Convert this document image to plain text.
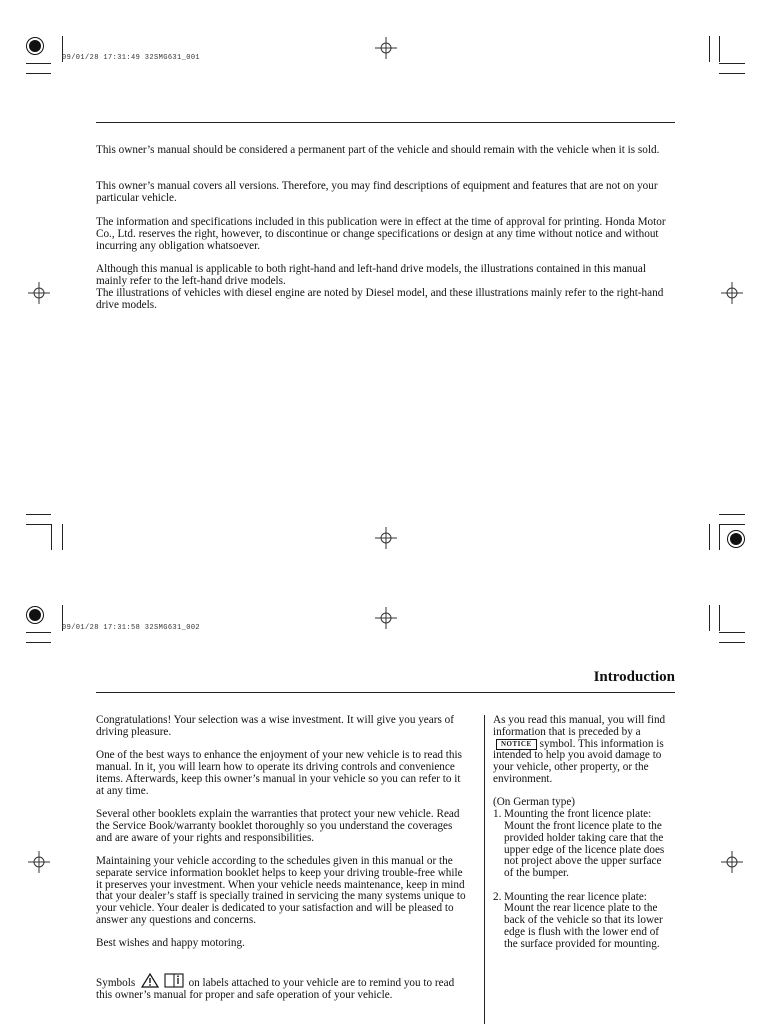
09/01/28 17:31:49 32SMG631_001

This owner’s manual should be considered a permanent part of the vehicle and should remain with the vehicle when it is sold.

This owner’s manual covers all versions. Therefore, you may find descriptions of equipment and features that are not on your particular vehicle.

The information and specifications included in this publication were in effect at the time of approval for printing. Honda Motor Co., Ltd. reserves the right, however, to discontinue or change specifications or design at any time without notice and without incurring any obligation whatsoever.

Although this manual is applicable to both right-hand and left-hand drive models, the illustrations contained in this manual mainly refer to the left-hand drive models.

The illustrations of vehicles with diesel engine are noted by Diesel model, and these illustrations mainly refer to the right-hand drive models.

09/01/28 17:31:58 32SMG631_002
Introduction

Congratulations! Your selection was a wise investment. It will give you years of driving pleasure.

One of the best ways to enhance the enjoyment of your new vehicle is to read this manual. In it, you will learn how to operate its driving controls and convenience items. Afterwards, keep this owner’s manual in your vehicle so you can refer to it at any time.

Several other booklets explain the warranties that protect your new vehicle. Read the Service Book/warranty booklet thoroughly so you understand the coverages and are aware of your rights and responsibilities.

Maintaining your vehicle according to the schedules given in this manual or the separate service information booklet helps to keep your driving trouble-free while it preserves your investment. When your vehicle needs maintenance, keep in mind that your dealer’s staff is specially trained in servicing the many systems unique to your vehicle. Your dealer is dedicated to your satisfaction and will be pleased to answer any questions and concerns.

Best wishes and happy motoring.

Symbols	on labels attached to your vehicle are to remind you to read this owner’s manual for proper and safe operation of your vehicle.

As you read this manual, you will find information that is preceded by aNOTICE symbol. This information is intended to help you avoid damage to your vehicle, other property, or the environment.

(On German type)
1. Mounting the front licence plate: Mount the front licence plate to the provided holder taking care that the upper edge of the licence plate does not project above the upper surface of the bumper.
2. Mounting the rear licence plate: Mount the rear licence plate to the back of the vehicle so that its lower edge is flush with the lower end of the surface provided for mounting.
